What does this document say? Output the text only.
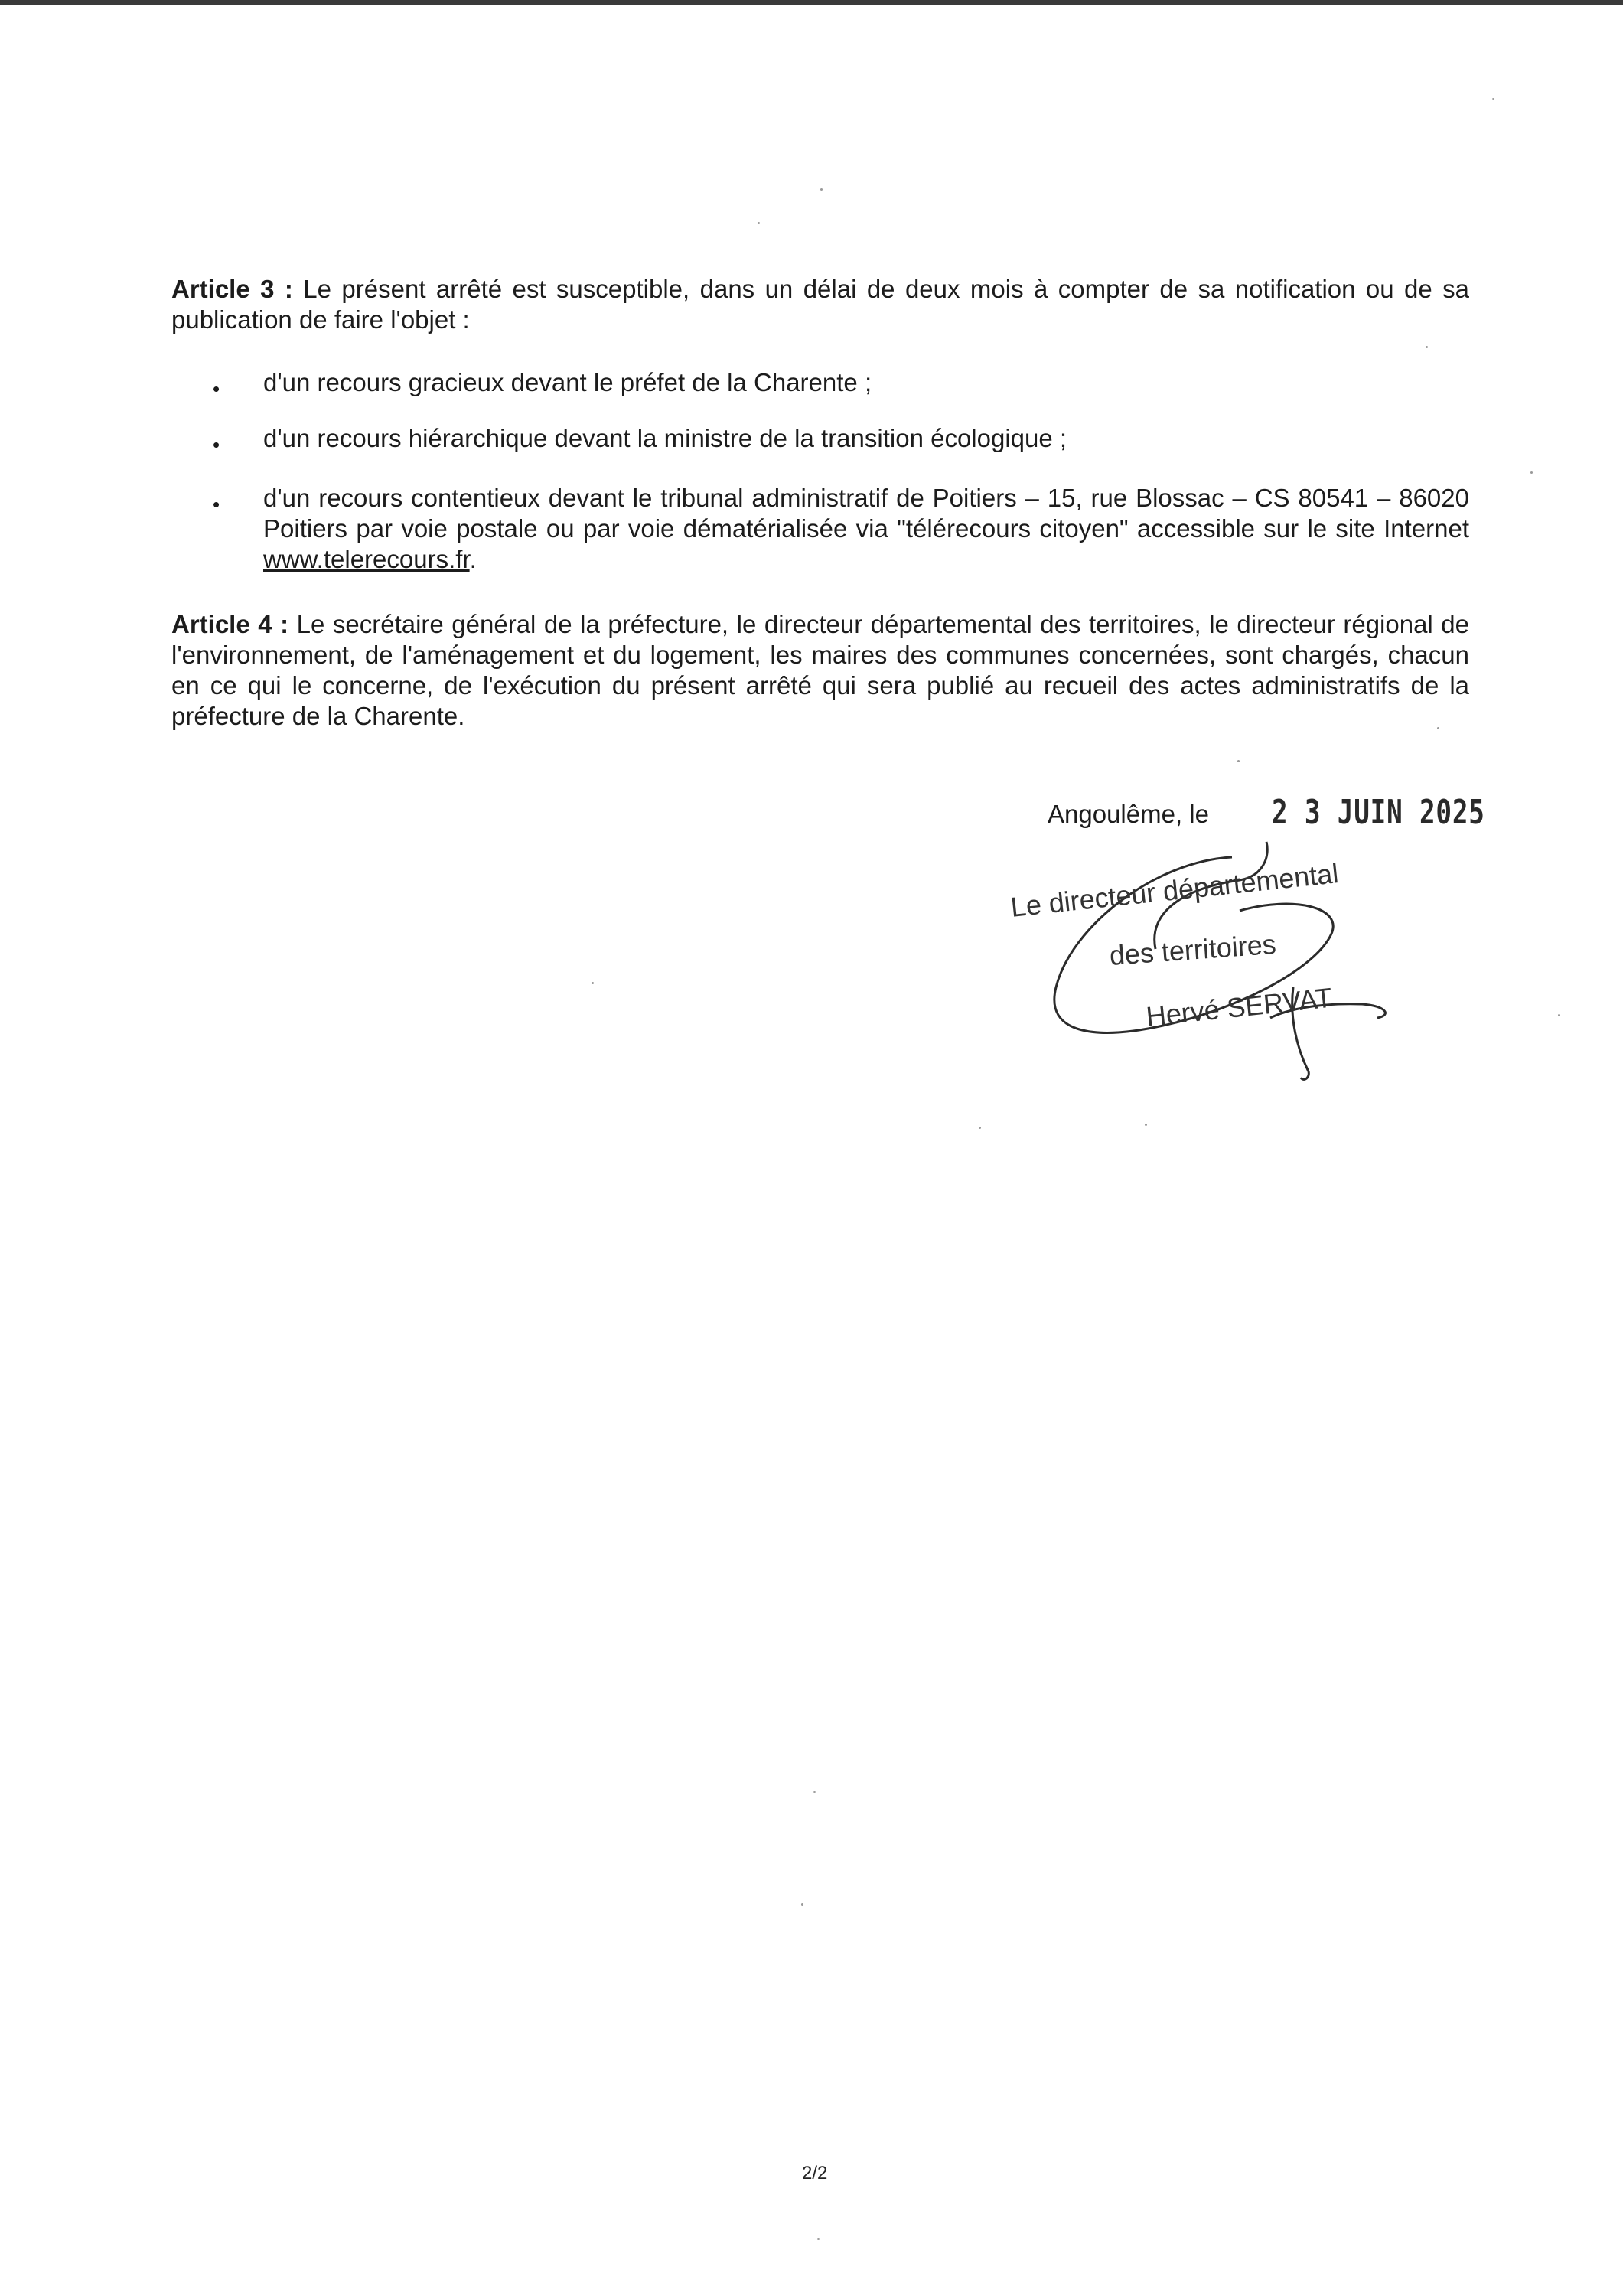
Article 3 : Le présent arrêté est susceptible, dans un délai de deux mois à compter de sa notification ou de sa publication de faire l'objet :
• d'un recours gracieux devant le préfet de la Charente ;
• d'un recours hiérarchique devant la ministre de la transition écologique ;
• d'un recours contentieux devant le tribunal administratif de Poitiers – 15, rue Blossac – CS 80541 – 86020 Poitiers par voie postale ou par voie dématérialisée via "télérecours citoyen" accessible sur le site Internet www.telerecours.fr.
Article 4 : Le secrétaire général de la préfecture, le directeur départemental des territoires, le directeur régional de l'environnement, de l'aménagement et du logement, les maires des communes concernées, sont chargés, chacun en ce qui le concerne, de l'exécution du présent arrêté qui sera publié au recueil des actes administratifs de la préfecture de la Charente.
Angoulême, le 2 3 JUIN 2025
Le directeur départemental
des territoires
Hervé SERVAT
2/2
